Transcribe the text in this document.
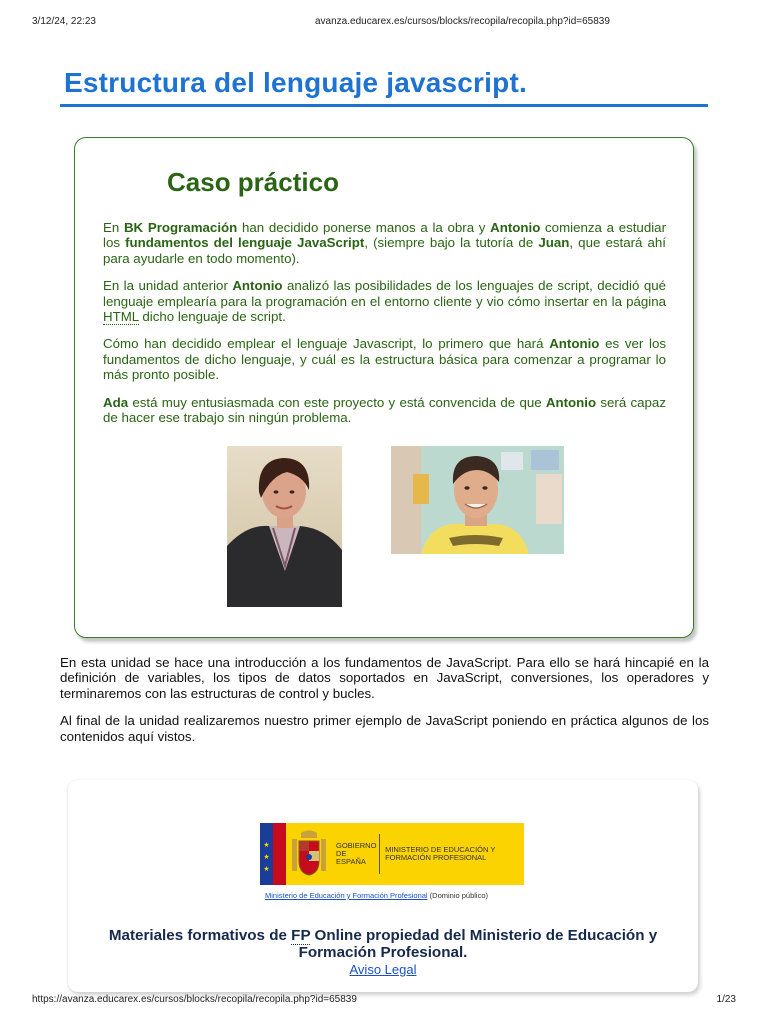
3/12/24, 22:23	avanza.educarex.es/cursos/blocks/recopila/recopila.php?id=65839
Estructura del lenguaje javascript.
Caso práctico

En BK Programación han decidido ponerse manos a la obra y Antonio comienza a estudiar los fundamentos del lenguaje JavaScript, (siempre bajo la tutoría de Juan, que estará ahí para ayudarle en todo momento).

En la unidad anterior Antonio analizó las posibilidades de los lenguajes de script, decidió qué lenguaje emplearía para la programación en el entorno cliente y vio cómo insertar en la página HTML dicho lenguaje de script.

Cómo han decidido emplear el lenguaje Javascript, lo primero que hará Antonio es ver los fundamentos de dicho lenguaje, y cuál es la estructura básica para comenzar a programar lo más pronto posible.

Ada está muy entusiasmada con este proyecto y está convencida de que Antonio será capaz de hacer ese trabajo sin ningún problema.

En esta unidad se hace una introducción a los fundamentos de JavaScript. Para ello se hará hincapié en la definición de variables, los tipos de datos soportados en JavaScript, conversiones, los operadores y terminaremos con las estructuras de control y bucles.

Al final de la unidad realizaremos nuestro primer ejemplo de JavaScript poniendo en práctica algunos de los contenidos aquí vistos.

★
★
★
GOBIERNO DE ESPAÑA
MINISTERIO DE EDUCACIÓN Y FORMACIÓN PROFESIONAL
Ministerio de Educación y Formación Profesional (Dominio público)
Materiales formativos de FP Online propiedad del Ministerio de Educación y Formación Profesional.
Aviso Legal
https://avanza.educarex.es/cursos/blocks/recopila/recopila.php?id=65839	1/23
